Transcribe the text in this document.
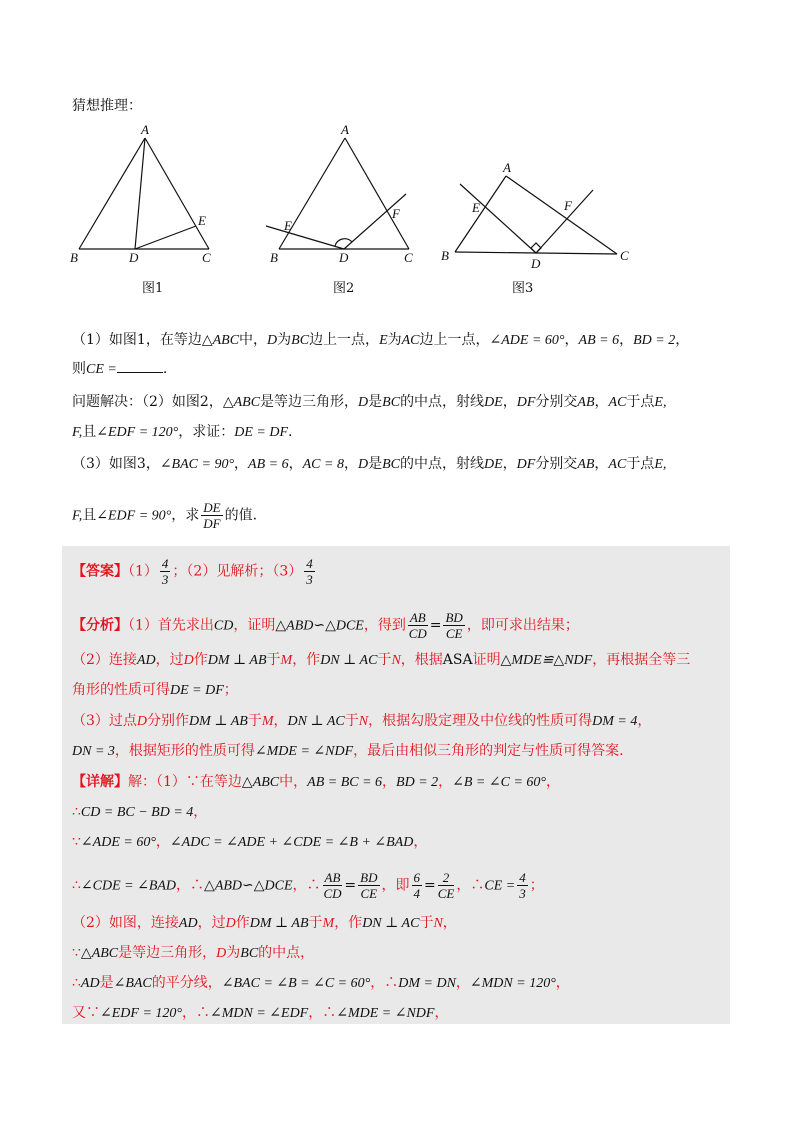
猜想推理：
A
B	C
D
E
图1
A
B	C
D
E
F
图2
A
B	C
D
E	F
图3
（1）如图1，在等边△ABC中，D为BC边上一点，E为AC边上一点，∠ADE = 60°，AB = 6，BD = 2，
则CE =	.
问题解决：（2）如图2，△ABC是等边三角形，D是BC的中点，射线DE，DF分别交AB，AC于点E,
F,且∠EDF = 120°，求证：DE = DF.
（3）如图3，∠BAC = 90°，AB = 6，AC = 8，D是BC的中点，射线DE，DF分别交AB，AC于点E,
F,且∠EDF = 90°，求 $\frac{DE}{DF}$ 的值.
【答案】$(1) \frac{4}{3}$ ；（2）见解析；$(3) \frac{4}{3}$
【分析】（1）首先求出CD，证明△ABD∽△DCE，得到 $\frac{AB}{CD} = \frac{BD}{CE}$ ，即可求出结果；
（2）连接AD，过D作DM ⊥ AB于M，作DN ⊥ AC于N，根据ASA证明△MDE≌△NDF，再根据全等三
角形的性质可得DE = DF；
（3）过点D分别作DM ⊥ AB于M，DN ⊥ AC于N，根据勾股定理及中位线的性质可得DM = 4，
DN = 3，根据矩形的性质可得∠MDE = ∠NDF，最后由相似三角形的判定与性质可得答案.
【详解】解：（1）∵在等边△ABC中，AB = BC = 6，BD = 2，∠B = ∠C = 60°，
∴CD = BC − BD = 4，
∵∠ADE = 60°，∠ADC = ∠ADE + ∠CDE = ∠B + ∠BAD，
∴∠CDE = ∠BAD，∴△ABD∽△DCE，∴ $\frac{AB}{CD} = \frac{BD}{CE}$ ，即 $\frac{6}{4} = \frac{2}{CE}$ ，∴CE = $\frac{4}{3}$ ；
（2）如图，连接AD，过D作DM ⊥ AB于M，作DN ⊥ AC于N，
∵△ABC是等边三角形，D为BC的中点，
∴AD是∠BAC的平分线，∠BAC = ∠B = ∠C = 60°，∴DM = DN，∠MDN = 120°，
又∵∠EDF = 120°，∴∠MDN = ∠EDF，∴∠MDE = ∠NDF，
